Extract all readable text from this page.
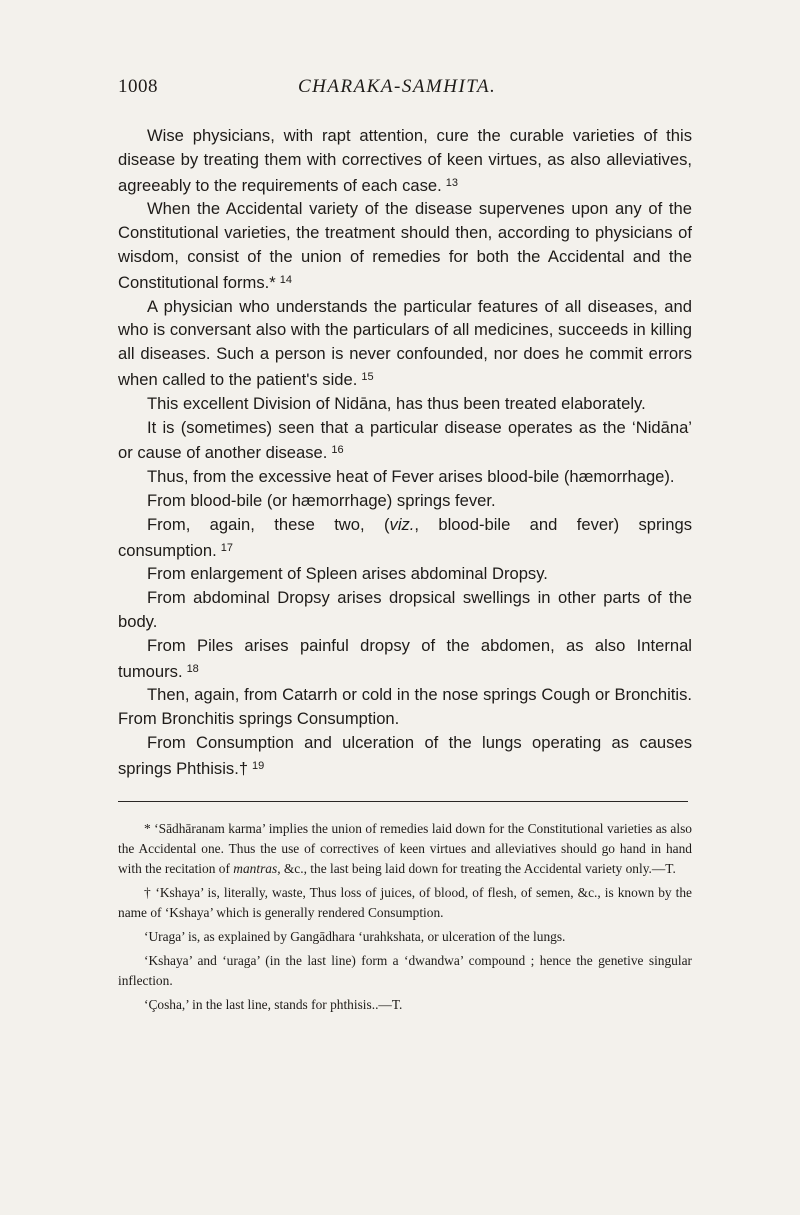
1008	CHARAKA-SAMHITA.

Wise physicians, with rapt attention, cure the curable varieties of this disease by treating them with correctives of keen virtues, as also alleviatives, agreeably to the requirements of each case. $^{13}$

When the Accidental variety of the disease supervenes upon any of the Constitutional varieties, the treatment should then, according to physicians of wisdom, consist of the union of remedies for both the Accidental and the Constitutional forms.* $^{14}$

A physician who understands the particular features of all diseases, and who is conversant also with the particulars of all medicines, succeeds in killing all diseases. Such a person is never confounded, nor does he commit errors when called to the patient's side. $^{15}$

This excellent Division of Nidāna, has thus been treated elaborately.

It is (sometimes) seen that a particular disease operates as the ‘Nidāna’ or cause of another disease. $^{16}$

Thus, from the excessive heat of Fever arises blood-bile (hæmorrhage).

From blood-bile (or hæmorrhage) springs fever.

From, again, these two, (viz., blood-bile and fever) springs consumption. $^{17}$

From enlargement of Spleen arises abdominal Dropsy.

From abdominal Dropsy arises dropsical swellings in other parts of the body.

From Piles arises painful dropsy of the abdomen, as also Internal tumours. $^{18}$

Then, again, from Catarrh or cold in the nose springs Cough or Bronchitis. From Bronchitis springs Consumption.

From Consumption and ulceration of the lungs operating as causes springs Phthisis.† $^{19}$

* ‘Sādhāranam karma’ implies the union of remedies laid down for the Constitutional varieties as also the Accidental one. Thus the use of correctives of keen virtues and alleviatives should go hand in hand with the recitation of mantras, &c., the last being laid down for treating the Accidental variety only.—T.

† ‘Kshaya’ is, literally, waste, Thus loss of juices, of blood, of flesh, of semen, &c., is known by the name of ‘Kshaya’ which is generally rendered Consumption.

‘Uraga’ is, as explained by Gangādhara ‘urahkshata, or ulceration of the lungs.

‘Kshaya’ and ‘uraga’ (in the last line) form a ‘dwandwa’ compound ; hence the genetive singular inflection.

‘Çosha,’ in the last line, stands for phthisis..—T.
